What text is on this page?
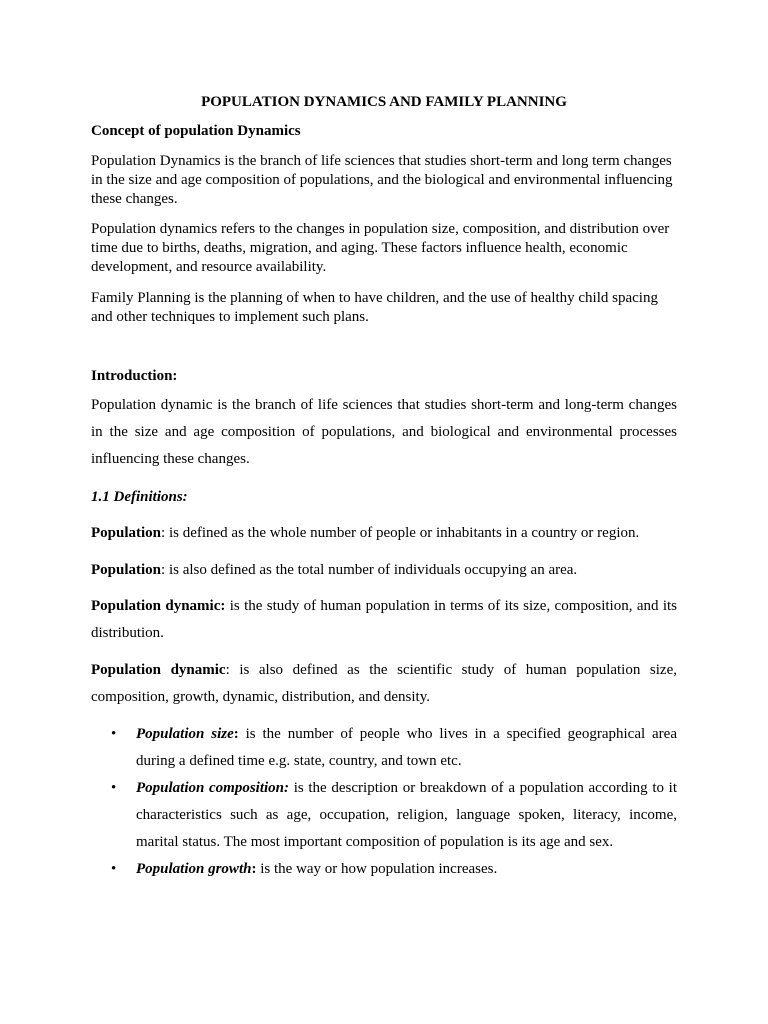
POPULATION DYNAMICS AND FAMILY PLANNING
Concept of population Dynamics

Population Dynamics is the branch of life sciences that studies short-term and long term changes in the size and age composition of populations, and the biological and environmental influencing these changes.

Population dynamics refers to the changes in population size, composition, and distribution over time due to births, deaths, migration, and aging. These factors influence health, economic development, and resource availability.

Family Planning is the planning of when to have children, and the use of healthy child spacing and other techniques to implement such plans.

Introduction:

Population dynamic is the branch of life sciences that studies short-term and long-term changes in the size and age composition of populations, and biological and environmental processes influencing these changes.

1.1 Definitions:

Population: is defined as the whole number of people or inhabitants in a country or region.

Population: is also defined as the total number of individuals occupying an area.

Population dynamic: is the study of human population in terms of its size, composition, and its distribution.

Population dynamic: is also defined as the scientific study of human population size, composition, growth, dynamic, distribution, and density.

• Population size: is the number of people who lives in a specified geographical area during a defined time e.g. state, country, and town etc.
• Population composition: is the description or breakdown of a population according to it characteristics such as age, occupation, religion, language spoken, literacy, income, marital status. The most important composition of population is its age and sex.
• Population growth: is the way or how population increases.
